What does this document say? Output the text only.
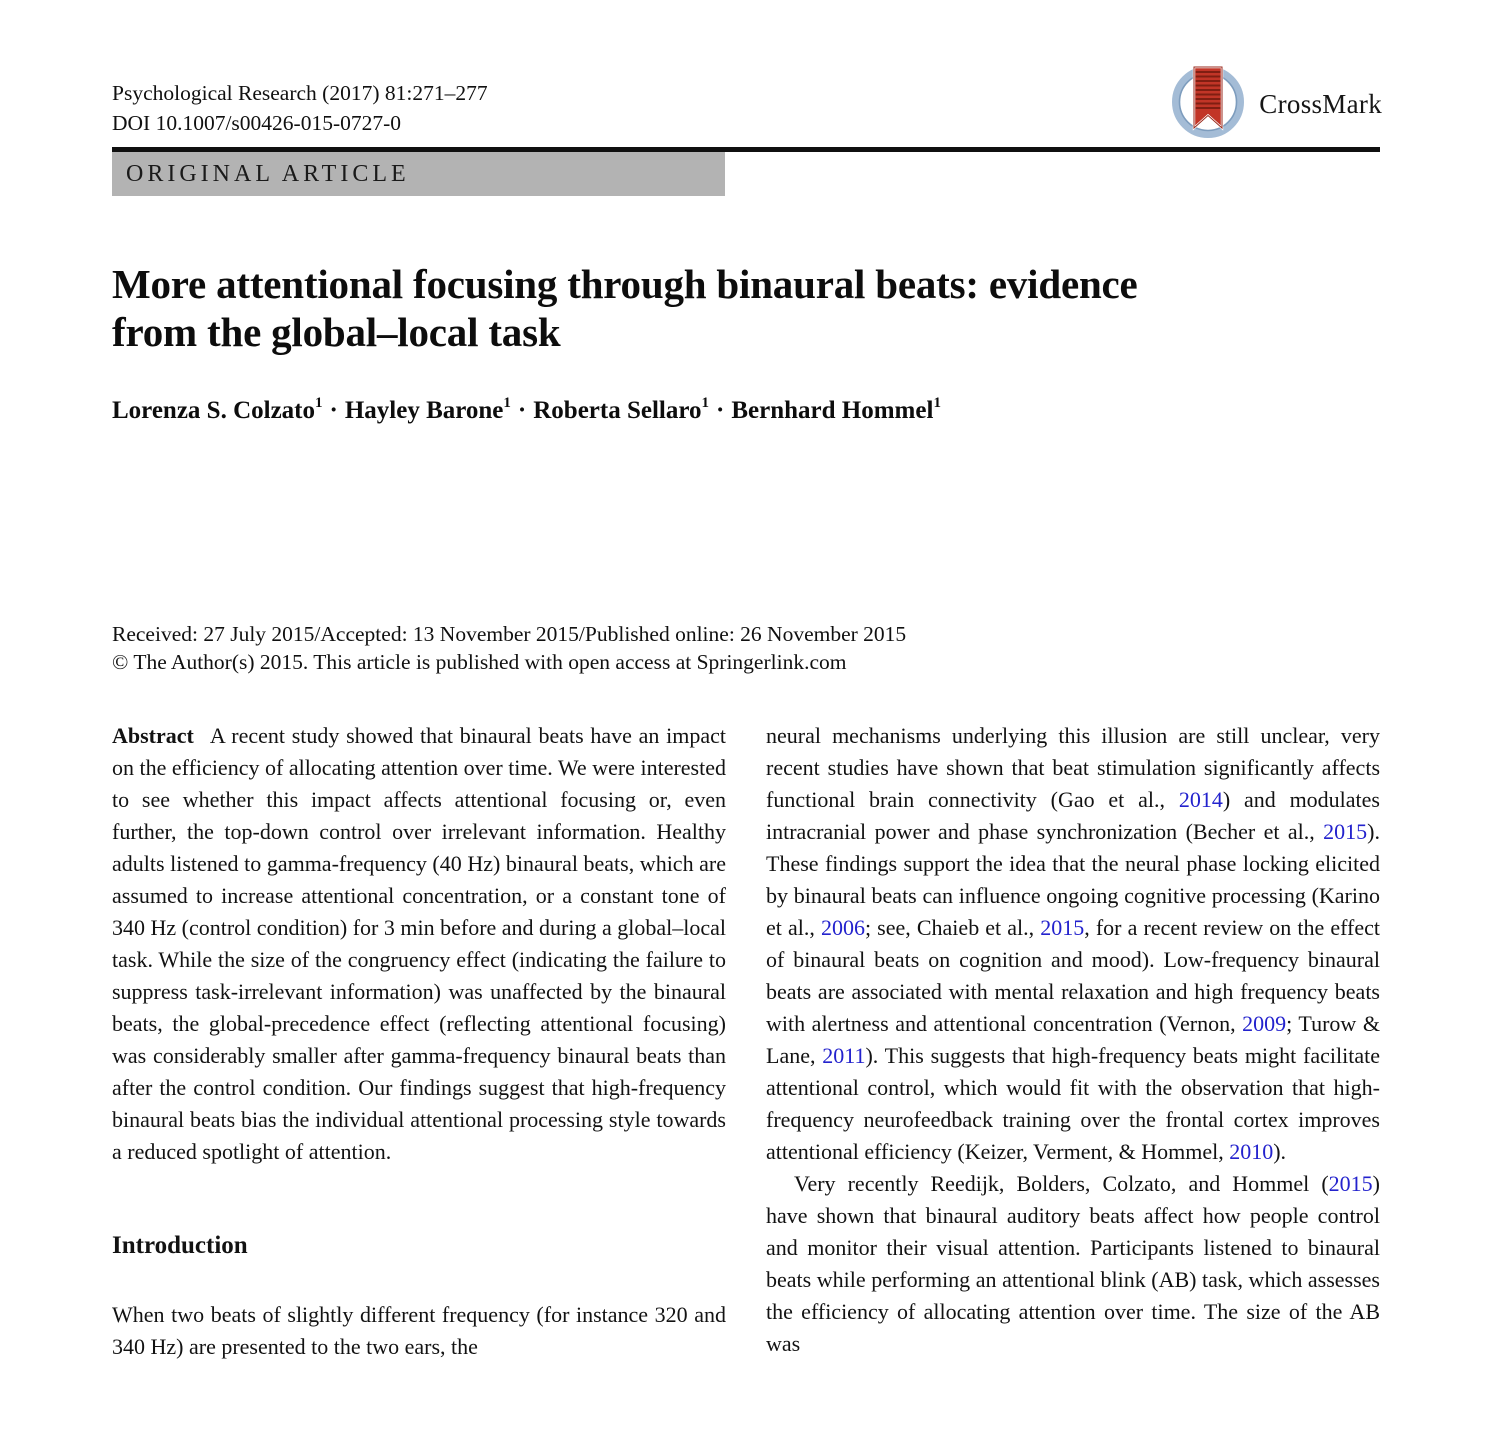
Psychological Research (2017) 81:271–277
DOI 10.1007/s00426-015-0727-0
CrossMark
ORIGINAL ARTICLE
More attentional focusing through binaural beats: evidence
from the global–local task
Lorenza S. Colzato$^1$ · Hayley Barone$^1$ · Roberta Sellaro$^1$ · Bernhard Hommel$^1$
Received: 27 July 2015/Accepted: 13 November 2015/Published online: 26 November 2015
© The Author(s) 2015. This article is published with open access at Springerlink.com

Abstract A recent study showed that binaural beats have an impact on the efficiency of allocating attention over time. We were interested to see whether this impact affects attentional focusing or, even further, the top-down control over irrelevant information. Healthy adults listened to gamma-frequency (40 Hz) binaural beats, which are assumed to increase attentional concentration, or a constant tone of 340 Hz (control condition) for 3 min before and during a global–local task. While the size of the congruency effect (indicating the failure to suppress task-irrelevant information) was unaffected by the binaural beats, the global-precedence effect (reflecting attentional focusing) was considerably smaller after gamma-frequency binaural beats than after the control condition. Our findings suggest that high-frequency binaural beats bias the individual attentional processing style towards a reduced spotlight of attention.

Introduction

When two beats of slightly different frequency (for instance 320 and 340 Hz) are presented to the two ears, the

neural mechanisms underlying this illusion are still unclear, very recent studies have shown that beat stimulation significantly affects functional brain connectivity (Gao et al., 2014) and modulates intracranial power and phase synchronization (Becher et al., 2015). These findings support the idea that the neural phase locking elicited by binaural beats can influence ongoing cognitive processing (Karino et al., 2006; see, Chaieb et al., 2015, for a recent review on the effect of binaural beats on cognition and mood). Low-frequency binaural beats are associated with mental relaxation and high frequency beats with alertness and attentional concentration (Vernon, 2009; Turow & Lane, 2011). This suggests that high-frequency beats might facilitate attentional control, which would fit with the observation that high-frequency neurofeedback training over the frontal cortex improves attentional efficiency (Keizer, Verment, & Hommel, 2010).

Very recently Reedijk, Bolders, Colzato, and Hommel (2015) have shown that binaural auditory beats affect how people control and monitor their visual attention. Participants listened to binaural beats while performing an attentional blink (AB) task, which assesses the efficiency of allocating attention over time. The size of the AB was
